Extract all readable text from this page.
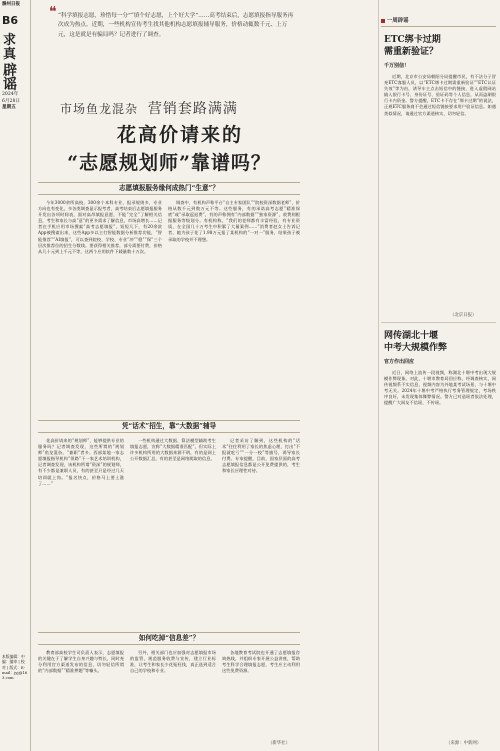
滁州日报
B6
求真
辟谣
2024年
6月28日
星期五
本版编辑：中 编：编审 | 校对 | 版式：E-mail：jyj@163.com
❝ “科学填报志愿，珍惜每一分”“填个好志愿，上个好大学”……高考结束后，志愿填报指导服务再次成为热点。近期，一些机构宣传考生找其他机构志愿填报辅导服务，价格动辄数千元、上万元，这是就是有骗局吗？记者进行了调查。
市场鱼龙混杂 营销套路满满
花高价请来的
“志愿规划师”靠谱吗？
志愿填报服务缘何成热门“生意”？

今年3000余所高校，300余个本科专业，报录规则多，专业方向也有变化，多各类调查显示报考者、高考结束后志愿填报服务开发出各项时间表，面对高昂填报意愿，不能“完全”了解相关信息，考生和家长与高“意”的更多需求了解信息，市场高增长……记者在手机应用市场搜索“高考志愿填报”，短短几下，有20余款App被搜索出来，这些App多以主打智能数据分析推荐功能，“智能推荐”“AI填报”，可以查到院校、学校、专业“冲”“稳”“保”三个层次推荐位的招生分数线。要获得相关推荐，部分需要付费，价格从几十元到上千元不等，这两个应用软件下载量数十万次。

调查中，有机构声称平台“自主专家团队”“院校资深数据老师”，价格从数千元到数万元不等。这些服务，有的承诺高考志愿“精准保底”或“录取返退费”，有的声称拥有“内部数据”“独家资源”，收费则根据服务等级划分。有机构称，“我们的老师都有丰富经验，有专业资质，在全国几十万考生中积累了大量案例……”消费者赵女士告诉记者，她为孩子花了1.98万元报了某机构的“一对一”服务，结果孩子被录取的学校并不理想。

凭“话术”招生，靠“大数据”辅导

花高价请来的“规划师”，能够提供专业的服务吗？记者调查发现，这些所谓的“规划师”鱼龙混杂。“兼职”者多。西部某地一家志愿填报指导机构“领路”干一家艺术培训机构，记者调查发现，该机构所谓“资深”的规划师，有不少都是兼职人员，有的甚至只是经过几天培训就上岗。“报名快点，价格马上要上涨了……”

一些机构通过大数据、算法模型辅助考生填报志愿，宣称“大数据精准匹配”，但实际上许多机构所用的大数据来源不明，有的是网上公开数据汇总，有的甚至是网络爬取的信息。

记者采访了解到，这些机构的“话术”往往利用了家长的焦虑心理，打出“不报就吃亏”“一分一校”等旗号，诱导家长付费。专家提醒，目前，国家层面的高考志愿填报信息都是公开免费提供的，考生和家长应理性对待。

如何吃掉“信息差”？

教育部高校学生司负责人表示，志愿填报的关键在于了解学生自身兴趣与特长，同时充分利用官方渠道发布的信息，切勿轻信所谓的“内部数据”“精准押题”等噱头。

另外，相关部门也应加强对志愿填报市场的监管，规范服务收费与宣传，建立行业标准，让考生和家长少花冤枉钱，真正选到适合自己的学校和专业。

各地教育考试院也开通了志愿填报咨询热线，并组织专家开展公益讲座，帮助考生科学合理填报志愿，考生应主动利用这些免费资源。

（新华社）
一周辟谣
ETC绑卡过期
需重新验证？
千万别信！

近期，北京市公安局朝阳分局提醒市民，有不法分子冒充ETC客服人员，以“ETC绑卡过期需重新验证”“ETC认证失效”等为由，诱导车主点击短信中的链接，进入虚假网站输入银行卡号、身份证号、验证码等个人信息，从而盗刷银行卡内资金。警方提醒，ETC卡不存在“绑卡过期”的说法，正规ETC服务商不会通过短信链接要求用户验证信息。如遇类似情况，请通过官方渠道核实，切勿轻信。

（北京日报）
网传湖北十堰
中考大规模作弊
官方作出回应

近日，网络上流传一段视频，称湖北十堰中考出现大规模作弊现象。对此，十堰市教育局回应称，经调查核实，网传视频系不实信息，视频内容为外地某考试场景，与十堰中考无关。2024年十堰中考严格执行考务管理规定，考场秩序良好，未发现集体舞弊情况。警方已对造谣者依法处理，提醒广大网友不信谣、不传谣。

（来源：中新网）
